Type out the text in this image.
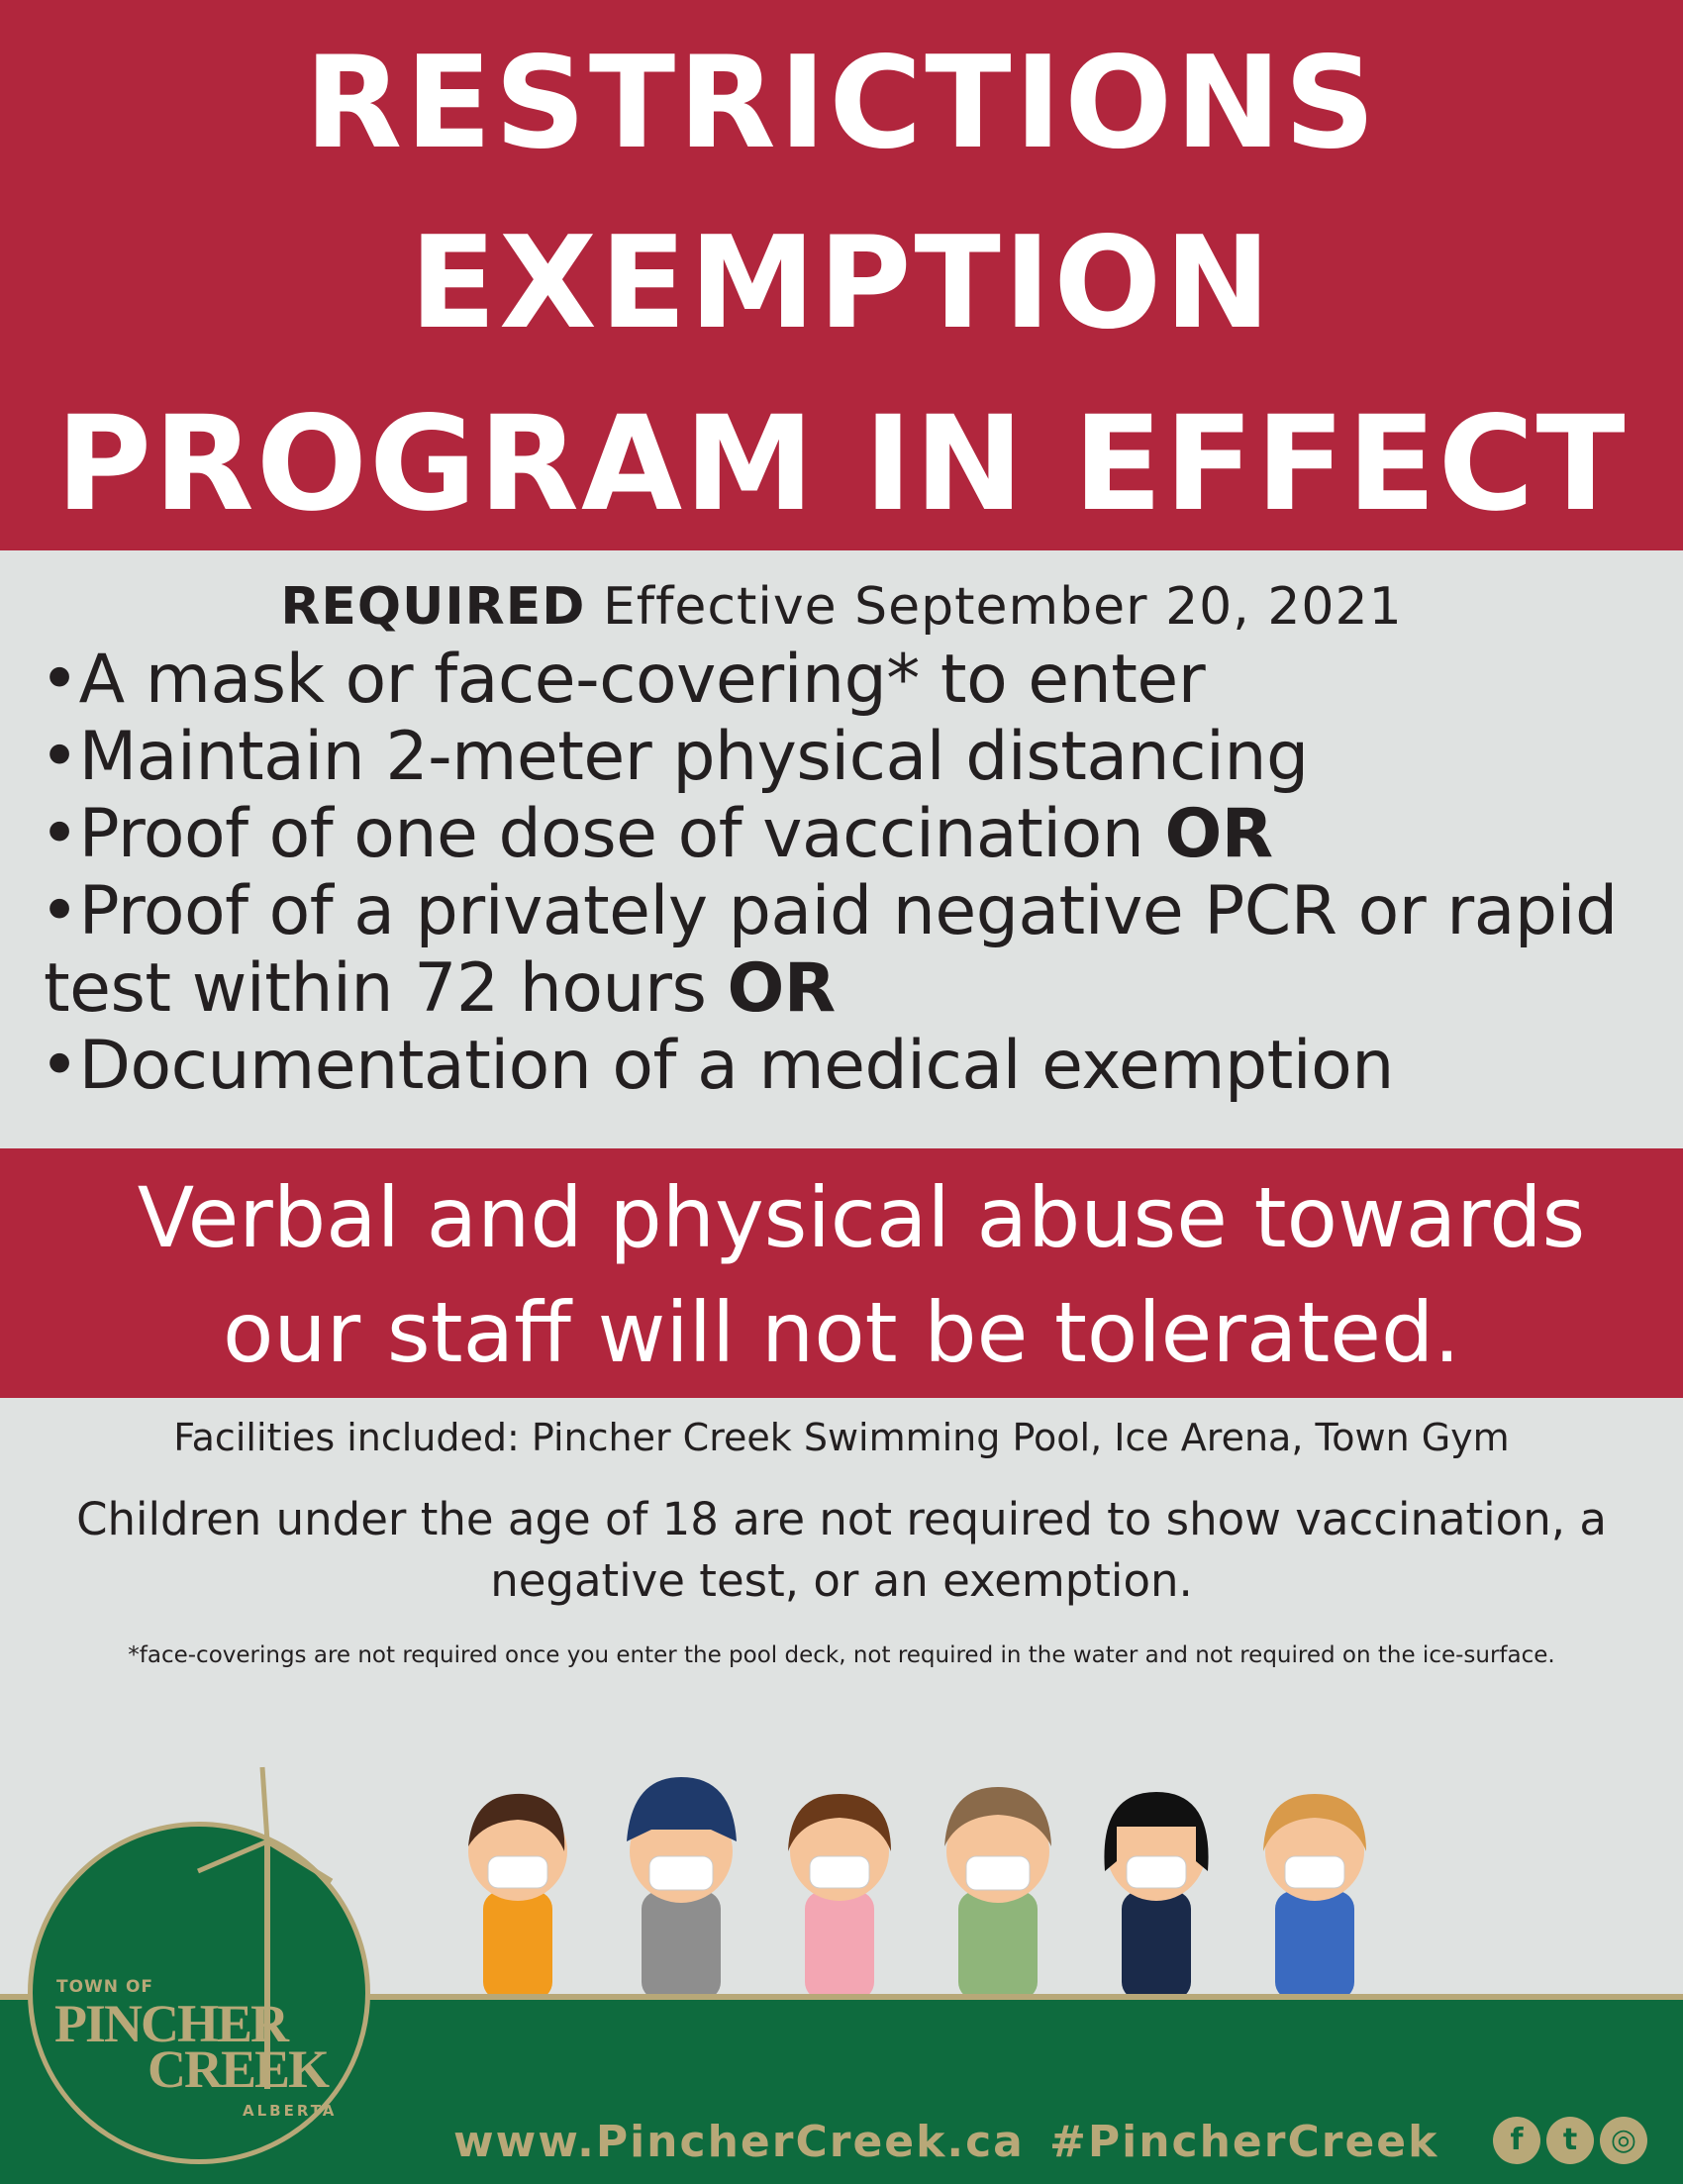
RESTRICTIONS
EXEMPTION
PROGRAM IN EFFECT
REQUIRED Effective September 20, 2021
•A mask or face-covering* to enter
•Maintain 2-meter physical distancing
•Proof of one dose of vaccination OR
•Proof of a privately paid negative PCR or rapid
test within 72 hours OR
•Documentation of a medical exemption
Verbal and physical abuse towards
our staff will not be tolerated.
Facilities included: Pincher Creek Swimming Pool, Ice Arena, Town Gym
Children under the age of 18 are not required to show vaccination, a
negative test, or an exemption.
*face-coverings are not required once you enter the pool deck, not required in the water and not required on the ice-surface.
www.PincherCreek.ca #PincherCreek	f	t	◎
TOWN OF
PINCHER
CREEK
ALBERTA
